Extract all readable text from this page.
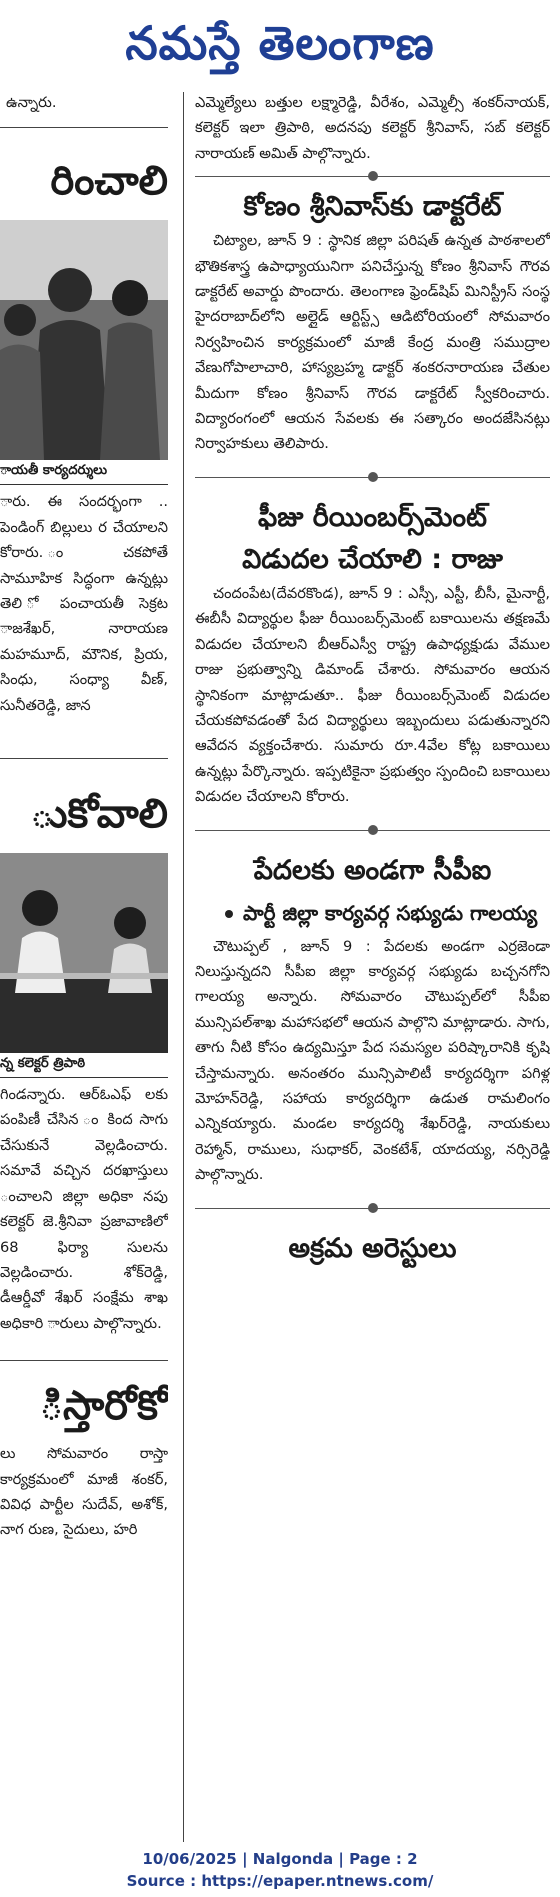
నమస్తే తెలంగాణ

ఉన్నారు.

రించాలి
ాయతీ కార్యదర్శులు

ారు. ఈ సందర్భంగా .. పెండింగ్ బిల్లులు ర చేయాలని కోరారు. ంచకపోతే సామూహిక సిద్ధంగా ఉన్నట్లు తెలి ో పంచాయతీ సెక్రట ాజశేఖర్, నారాయణ మహమూద్, మౌనిక, ప్రియ, సింధు, సంధ్యా వీణ్, సునీతరెడ్డి, జాన

ుకోవాలి
న్న కలెక్టర్ త్రిపాఠి

గిండన్నారు. ఆర్‌ఓఎఫ్ లకు పంపిణీ చేసిన ం కింద సాగు చేసుకునే వెల్లడించారు. సమావే వచ్చిన దరఖాస్తులు ంచాలని జిల్లా అధికా నపు కలెక్టర్ జె.శ్రీనివా ప్రజావాణిలో 68 ఫిర్యా సులను వెల్లడించారు. శోక్‌రెడ్డి, డీఆర్డీవో శేఖర్ సంక్షేమ శాఖ అధికారి ారులు పాల్గొన్నారు.

ిస్తారోకో

లు సోమవారం రాస్తా కార్యక్రమంలో మాజీ శంకర్, వివిధ పార్టీల సుదేవ్, అశోక్, నాగ రుణ, సైదులు, హరి

ఎమ్మెల్యేలు బత్తుల లక్ష్మారెడ్డి, వీరేశం, ఎమ్మెల్సీ శంకర్‌నాయక్, కలెక్టర్ ఇలా త్రిపాఠి, అదనపు కలెక్టర్ శ్రీనివాస్, సబ్ కలెక్టర్ నారాయణ్ అమిత్ పాల్గొన్నారు.

కోణం శ్రీనివాస్‌కు డాక్టరేట్

చిట్యాల, జూన్ 9 : స్థానిక జిల్లా పరిషత్ ఉన్నత పాఠశాలలో భౌతికశాస్త్ర ఉపాధ్యాయునిగా పనిచేస్తున్న కోణం శ్రీనివాస్ గౌరవ డాక్టరేట్ అవార్డు పొందారు. తెలంగాణ ఫ్రెండ్‌షిప్ మినిస్ట్రీస్ సంస్థ హైదరాబాద్‌లోని అల్లైడ్ ఆర్టిస్ట్స్ ఆడిటోరియంలో సోమవారం నిర్వహించిన కార్యక్రమంలో మాజీ కేంద్ర మంత్రి సముద్రాల వేణుగోపాలాచారి, హాస్యబ్రహ్మ డాక్టర్ శంకరనారాయణ చేతుల మీదుగా కోణం శ్రీనివాస్ గౌరవ డాక్టరేట్ స్వీకరించారు. విద్యారంగంలో ఆయన సేవలకు ఈ సత్కారం అందజేసినట్లు నిర్వాహకులు తెలిపారు.

ఫీజు రీయింబర్స్‌మెంట్
విడుదల చేయాలి : రాజు

చందంపేట(దేవరకొండ), జూన్ 9 : ఎస్సీ, ఎస్టీ, బీసీ, మైనార్టీ, ఈబీసీ విద్యార్థుల ఫీజు రీయింబర్స్‌మెంట్ బకాయిలను తక్షణమే విడుదల చేయాలని బీఆర్ఎస్వీ రాష్ట్ర ఉపాధ్యక్షుడు వేముల రాజు ప్రభుత్వాన్ని డిమాండ్ చేశారు. సోమవారం ఆయన స్థానికంగా మాట్లాడుతూ.. ఫీజు రీయింబర్స్‌మెంట్ విడుదల చేయకపోవడంతో పేద విద్యార్థులు ఇబ్బందులు పడుతున్నారని ఆవేదన వ్యక్తంచేశారు. సుమారు రూ.4వేల కోట్ల బకాయిలు ఉన్నట్లు పేర్కొన్నారు. ఇప్పటికైనా ప్రభుత్వం స్పందించి బకాయిలు విడుదల చేయాలని కోరారు.

పేదలకు అండగా సీపీఐ

పార్టీ జిల్లా కార్యవర్గ సభ్యుడు గాలయ్య

చౌటుప్పల్ , జూన్ 9 : పేదలకు అండగా ఎర్రజెండా నిలుస్తున్నదని సీపీఐ జిల్లా కార్యవర్గ సభ్యుడు బచ్చనగోని గాలయ్య అన్నారు. సోమవారం చౌటుప్పల్‌లో సీపీఐ మున్సిపల్‌శాఖ మహాసభలో ఆయన పాల్గొని మాట్లాడారు. సాగు, తాగు నీటి కోసం ఉద్యమిస్తూ పేద సమస్యల పరిష్కారానికి కృషి చేస్తామన్నారు. అనంతరం మున్సిపాలిటీ కార్యదర్శిగా పగిళ్ల మోహన్‌రెడ్డి, సహాయ కార్యదర్శిగా ఉడుత రామలింగం ఎన్నికయ్యారు. మండల కార్యదర్శి శేఖర్‌రెడ్డి, నాయకులు రెహ్మాన్, రాములు, సుధాకర్, వెంకటేశ్, యాదయ్య, నర్సిరెడ్డి పాల్గొన్నారు.

అక్రమ అరెస్టులు
10/06/2025 | Nalgonda | Page : 2
Source : https://epaper.ntnews.com/
